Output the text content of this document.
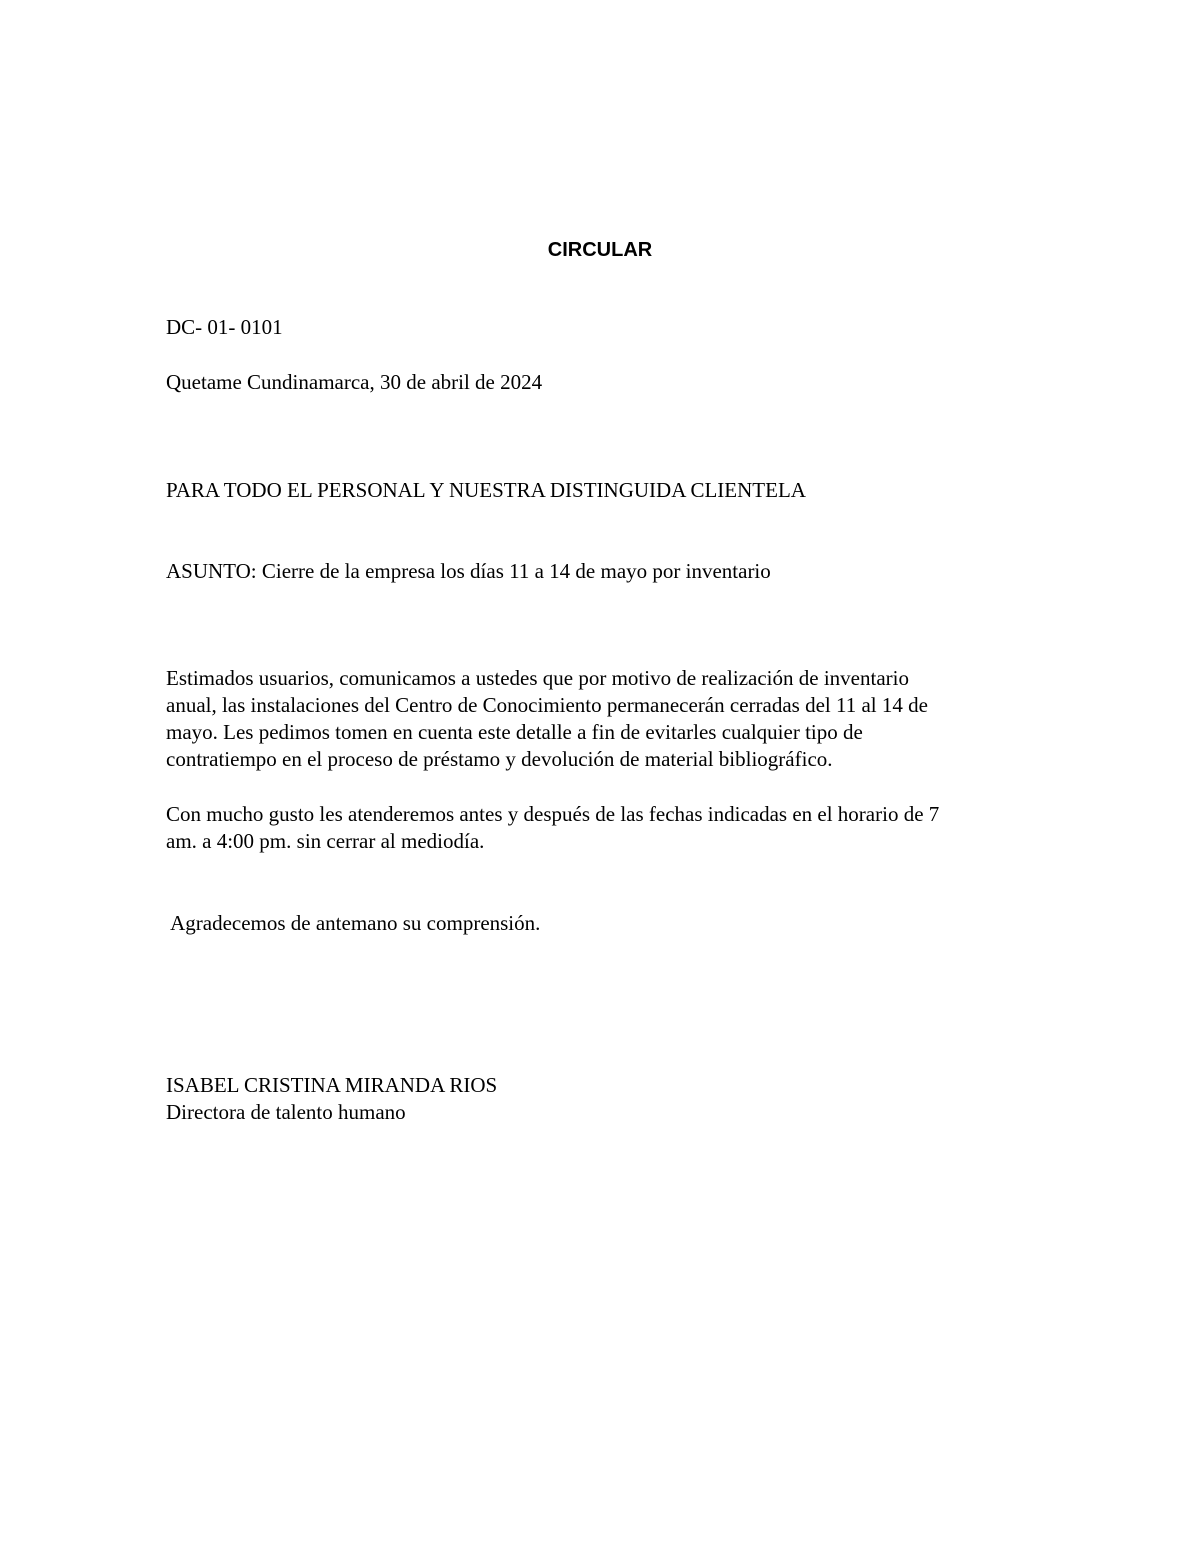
CIRCULAR
DC- 01- 0101
Quetame Cundinamarca, 30 de abril de 2024
PARA TODO EL PERSONAL Y NUESTRA DISTINGUIDA CLIENTELA
ASUNTO: Cierre de la empresa los días 11 a 14 de mayo por inventario
Estimados usuarios, comunicamos a ustedes que por motivo de realización de inventario
anual, las instalaciones del Centro de Conocimiento permanecerán cerradas del 11 al 14 de
mayo. Les pedimos tomen en cuenta este detalle a fin de evitarles cualquier tipo de
contratiempo en el proceso de préstamo y devolución de material bibliográfico.
Con mucho gusto les atenderemos antes y después de las fechas indicadas en el horario de 7
am. a 4:00 pm. sin cerrar al mediodía.
Agradecemos de antemano su comprensión.
ISABEL CRISTINA MIRANDA RIOS
Directora de talento humano
